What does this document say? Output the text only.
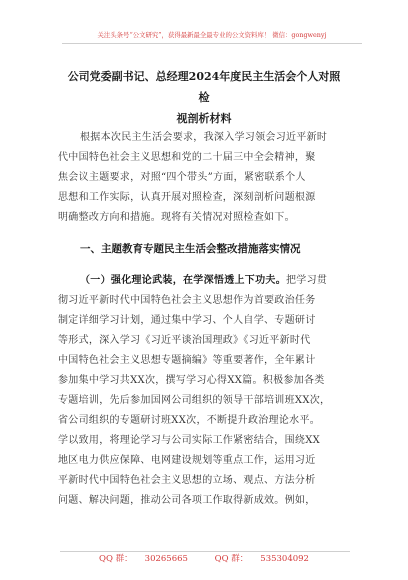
关注头条号“公文研究”，获得最新最全最专业的公文资料库！ 微信：gongwenyj
公司党委副书记、总经理2024年度民主生活会个人对照检
视剖析材料
根据本次民主生活会要求，我深入学习领会习近平新时
代中国特色社会主义思想和党的二十届三中全会精神，聚
焦会议主题要求，对照“四个带头”方面，紧密联系个人
思想和工作实际，认真开展对照检查，深刻剖析问题根源
明确整改方向和措施。现将有关情况对照检查如下。
一、主题教育专题民主生活会整改措施落实情况
（一）强化理论武装，在学深悟透上下功夫。把学习贯
彻习近平新时代中国特色社会主义思想作为首要政治任务
制定详细学习计划，通过集中学习、个人自学、专题研讨
等形式，深入学习《习近平谈治国理政》《习近平新时代
中国特色社会主义思想专题摘编》等重要著作，全年累计
参加集中学习共XX次，撰写学习心得XX篇。积极参加各类
专题培训，先后参加国网公司组织的领导干部培训班XX次，
省公司组织的专题研讨班XX次，不断提升政治理论水平。
学以致用，将理论学习与公司实际工作紧密结合，围绕XX
地区电力供应保障、电网建设规划等重点工作，运用习近
平新时代中国特色社会主义思想的立场、观点、方法分析
问题、解决问题，推动公司各项工作取得新成效。例如，
QQ 群： 30265665	QQ 群： 535304092
